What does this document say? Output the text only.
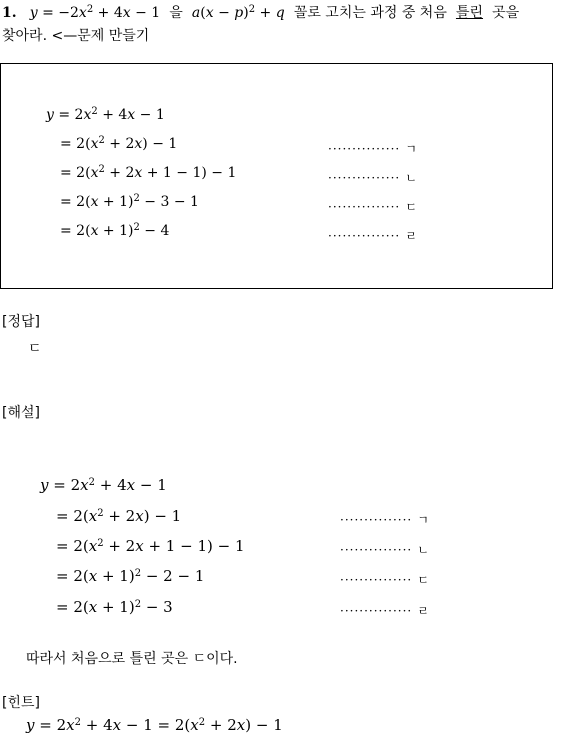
1. $y = -2x^2 + 4x - 1$ 을 $a(x - p)^2 + q$ 꼴로 고치는 과정 중 처음 틀린 곳을
찾아라. <—문제 만들기
$y = 2x^2 + 4x - 1$
= $2(x^2 + 2x) - 1$	··············· ㄱ
= $2(x^2 + 2x + 1 - 1) - 1$	··············· ㄴ
= $2(x + 1)^2 - 3 - 1$	··············· ㄷ
= $2(x + 1)^2 - 4$	··············· ㄹ
[정답]
ㄷ
[해설]
$y = 2x^2 + 4x - 1$
= $2(x^2 + 2x) - 1$	··············· ㄱ
= $2(x^2 + 2x + 1 - 1) - 1$	··············· ㄴ
= $2(x + 1)^2 - 2 - 1$	··············· ㄷ
= $2(x + 1)^2 - 3$	··············· ㄹ
따라서 처음으로 틀린 곳은 ㄷ이다.
[힌트]
$y = 2x^2 + 4x - 1 = 2(x^2 + 2x) - 1$
